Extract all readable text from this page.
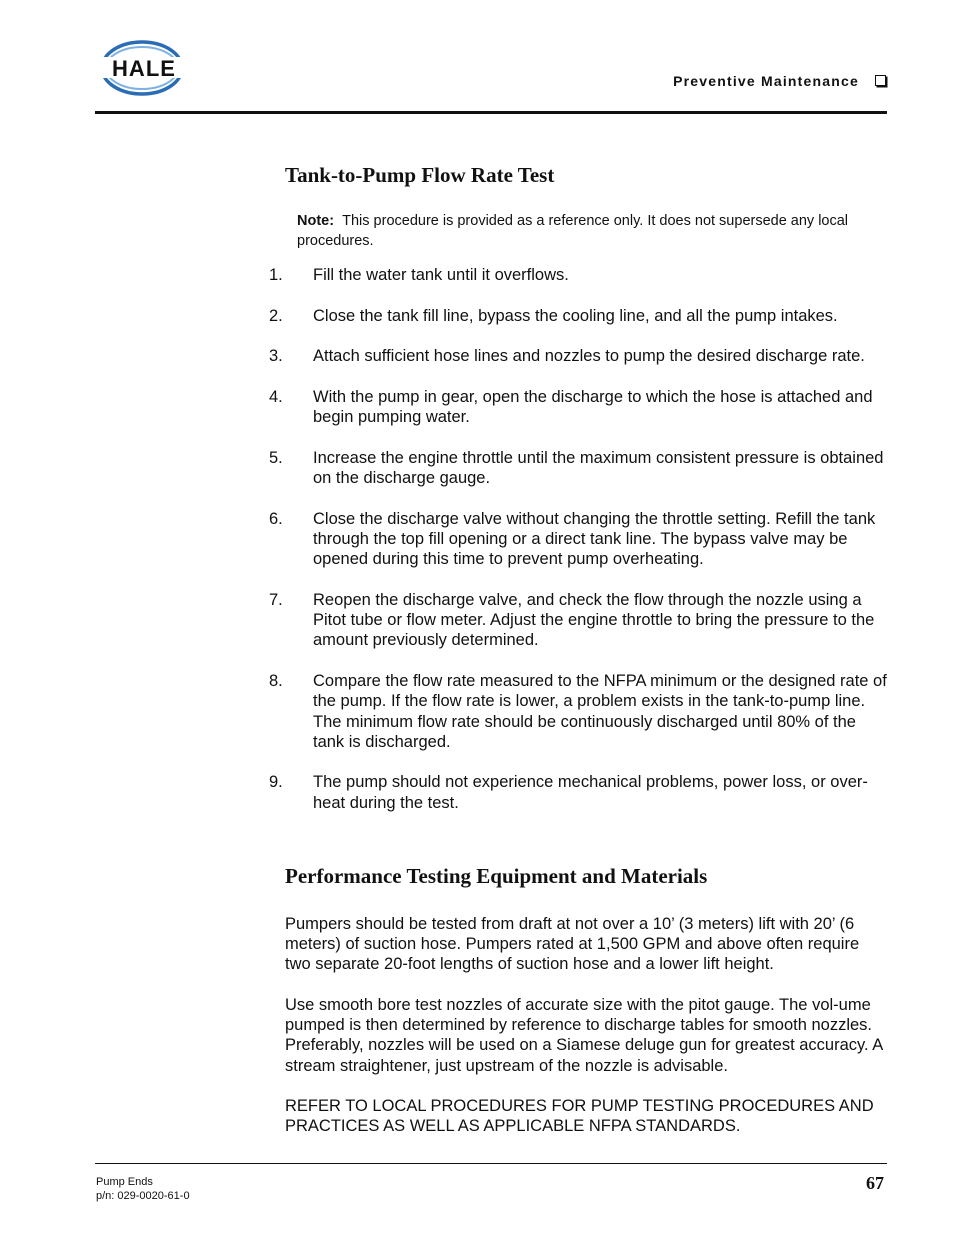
HALE	Preventive Maintenance
Tank-to-Pump Flow Rate Test
Note: This procedure is provided as a reference only. It does not supersede any local procedures.
1.	Fill the water tank until it overflows.
2.	Close the tank fill line, bypass the cooling line, and all the pump intakes.
3.	Attach sufficient hose lines and nozzles to pump the desired discharge rate.
4.	With the pump in gear, open the discharge to which the hose is attached and begin pumping water.
5.	Increase the engine throttle until the maximum consistent pressure is obtained on the discharge gauge.
6.	Close the discharge valve without changing the throttle setting. Refill the tank through the top fill opening or a direct tank line. The bypass valve may be opened during this time to prevent pump overheating.
7.	Reopen the discharge valve, and check the flow through the nozzle using a Pitot tube or flow meter. Adjust the engine throttle to bring the pressure to the amount previously determined.
8.	Compare the flow rate measured to the NFPA minimum or the designed rate of the pump. If the flow rate is lower, a problem exists in the tank-to-pump line. The minimum flow rate should be continuously discharged until 80% of the tank is discharged.
9.	The pump should not experience mechanical problems, power loss, or over-heat during the test.
Performance Testing Equipment and Materials
Pumpers should be tested from draft at not over a 10’ (3 meters) lift with 20’ (6 meters) of suction hose. Pumpers rated at 1,500 GPM and above often require two separate 20-foot lengths of suction hose and a lower lift height.
Use smooth bore test nozzles of accurate size with the pitot gauge. The vol-ume pumped is then determined by reference to discharge tables for smooth nozzles. Preferably, nozzles will be used on a Siamese deluge gun for greatest accuracy. A stream straightener, just upstream of the nozzle is advisable.
REFER TO LOCAL PROCEDURES FOR PUMP TESTING PROCEDURES AND PRACTICES AS WELL AS APPLICABLE NFPA STANDARDS.
Pump Ends
p/n: 029-0020-61-0
67
